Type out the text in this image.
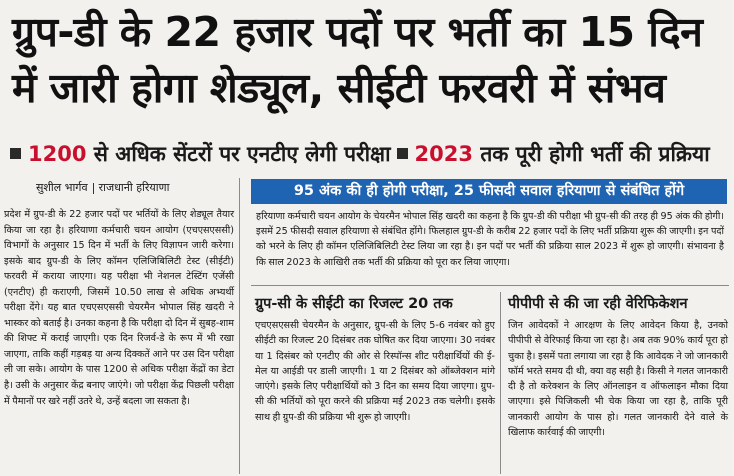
ग्रुप-डी के 22 हजार पदों पर भर्ती का 15 दिन
में जारी होगा शेड्यूल, सीईटी फरवरी में संभव
1200 से अधिक सेंटरों पर एनटीए लेगी परीक्षा 2023 तक पूरी होगी भर्ती की प्रक्रिया
सुशील भार्गव राजधानी हरियाणा
प्रदेश में ग्रुप-डी के 22 हजार पदों पर भर्तियों के लिए शेड्यूल तैयार किया जा रहा है। हरियाणा कर्मचारी चयन आयोग (एचएसएससी) विभागों के अनुसार 15 दिन में भर्ती के लिए विज्ञापन जारी करेगा। इसके बाद ग्रुप-डी के लिए कॉमन एलिजिबिलिटी टेस्ट (सीईटी) फरवरी में कराया जाएगा। यह परीक्षा भी नेशनल टेस्टिंग एजेंसी (एनटीए) ही कराएगी, जिसमें 10.50 लाख से अधिक अभ्यर्थी परीक्षा देंगे। यह बात एचएसएससी चेयरमैन भोपाल सिंह खदरी ने भास्कर को बताई है। उनका कहना है कि परीक्षा दो दिन में सुबह-शाम की शिफ्ट में कराई जाएगी। एक दिन रिजर्व-डे के रूप में भी रखा जाएगा, ताकि कहीं गड़बड़ या अन्य दिक्कतें आने पर उस दिन परीक्षा ली जा सके। आयोग के पास 1200 से अधिक परीक्षा केंद्रों का डेटा है। उसी के अनुसार केंद्र बनाए जाएंगे। जो परीक्षा केंद्र पिछली परीक्षा में पैमानों पर खरे नहीं उतरे थे, उन्हें बदला जा सकता है।
95 अंक की ही होगी परीक्षा, 25 फीसदी सवाल हरियाणा से संबंधित होंगे
हरियाणा कर्मचारी चयन आयोग के चेयरमैन भोपाल सिंह खदरी का कहना है कि ग्रुप-डी की परीक्षा भी ग्रुप-सी की तरह ही 95 अंक की होगी। इसमें 25 फीसदी सवाल हरियाणा से संबंधित होंगे। फिलहाल ग्रुप-डी के करीब 22 हजार पदों के लिए भर्ती प्रक्रिया शुरू की जाएगी। इन पदों को भरने के लिए ही कॉमन एलिजिबिलिटी टेस्ट लिया जा रहा है। इन पदों पर भर्ती की प्रक्रिया साल 2023 में शुरू हो जाएगी। संभावना है कि साल 2023 के आखिरी तक भर्ती की प्रक्रिया को पूरा कर लिया जाएगा।
ग्रुप-सी के सीईटी का रिजल्ट 20 तक
एचएसएससी चेयरमैन के अनुसार, ग्रुप-सी के लिए 5-6 नवंबर को हुए सीईटी का रिजल्ट 20 दिसंबर तक घोषित कर दिया जाएगा। 30 नवंबर या 1 दिसंबर को एनटीए की ओर से रिस्पॉन्स शीट परीक्षार्थियों की ई-मेल या आईडी पर डाली जाएगी। 1 या 2 दिसंबर को ऑब्जेक्शन मांगे जाएंगे। इसके लिए परीक्षार्थियों को 3 दिन का समय दिया जाएगा। ग्रुप-सी की भर्तियों को पूरा करने की प्रक्रिया मई 2023 तक चलेगी। इसके साथ ही ग्रुप-डी की प्रक्रिया भी शुरू हो जाएगी।
पीपीपी से की जा रही वेरिफिकेशन
जिन आवेदकों ने आरक्षण के लिए आवेदन किया है, उनको पीपीपी से वेरिफाई किया जा रहा है। अब तक 90% कार्य पूरा हो चुका है। इसमें पता लगाया जा रहा है कि आवेदक ने जो जानकारी फॉर्म भरते समय दी थी, क्या वह सही है। किसी ने गलत जानकारी दी है तो करेक्शन के लिए ऑनलाइन व ऑफलाइन मौका दिया जाएगा। इसे पिजिकली भी चेक किया जा रहा है, ताकि पूरी जानकारी आयोग के पास हो। गलत जानकारी देने वाले के खिलाफ कार्रवाई की जाएगी।
